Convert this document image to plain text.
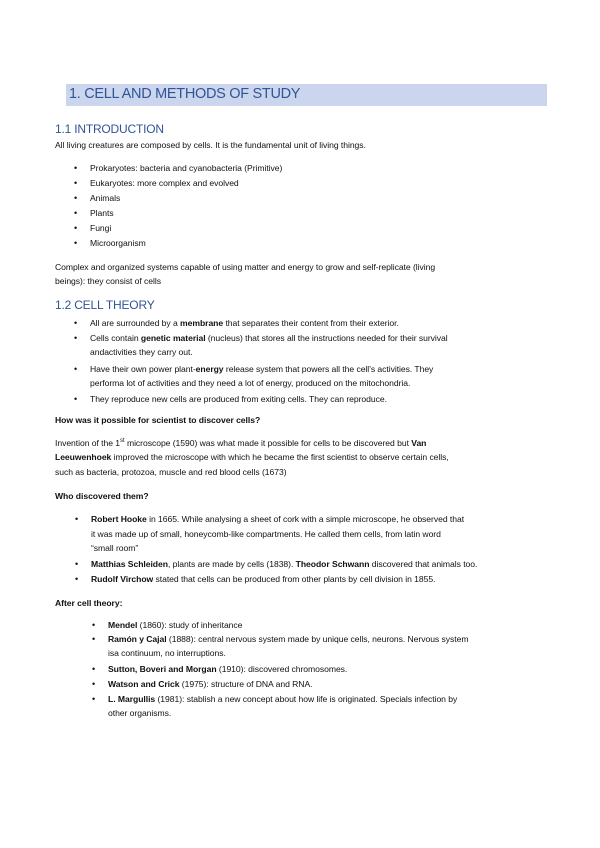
1. CELL AND METHODS OF STUDY
1.1 INTRODUCTION
All living creatures are composed by cells. It is the fundamental unit of living things.
• Prokaryotes: bacteria and cyanobacteria (Primitive)
• Eukaryotes: more complex and evolved
• Animals
• Plants
• Fungi
• Microorganism
Complex and organized systems capable of using matter and energy to grow and self-replicate (living
beings): they consist of cells
1.2 CELL THEORY
• All are surrounded by a membrane that separates their content from their exterior.
• Cells contain genetic material (nucleus) that stores all the instructions needed for their survival
andactivities they carry out.
• Have their own power plant-energy release system that powers all the cell’s activities. They
performa lot of activities and they need a lot of energy, produced on the mitochondria.
• They reproduce new cells are produced from exiting cells. They can reproduce.
How was it possible for scientist to discover cells?
Invention of the 1st microscope (1590) was what made it possible for cells to be discovered but Van
Leeuwenhoek improved the microscope with which he became the first scientist to observe certain cells,
such as bacteria, protozoa, muscle and red blood cells (1673)
Who discovered them?
• Robert Hooke in 1665. While analysing a sheet of cork with a simple microscope, he observed that
it was made up of small, honeycomb-like compartments. He called them cells, from latin word
“small room”
• Matthias Schleiden, plants are made by cells (1838). Theodor Schwann discovered that animals too.
• Rudolf Virchow stated that cells can be produced from other plants by cell division in 1855.
After cell theory:
• Mendel (1860): study of inheritance
• Ramón y Cajal (1888): central nervous system made by unique cells, neurons. Nervous system
isa continuum, no interruptions.
• Sutton, Boveri and Morgan (1910): discovered chromosomes.
• Watson and Crick (1975): structure of DNA and RNA.
• L. Margullis (1981): stablish a new concept about how life is originated. Specials infection by
other organisms.
